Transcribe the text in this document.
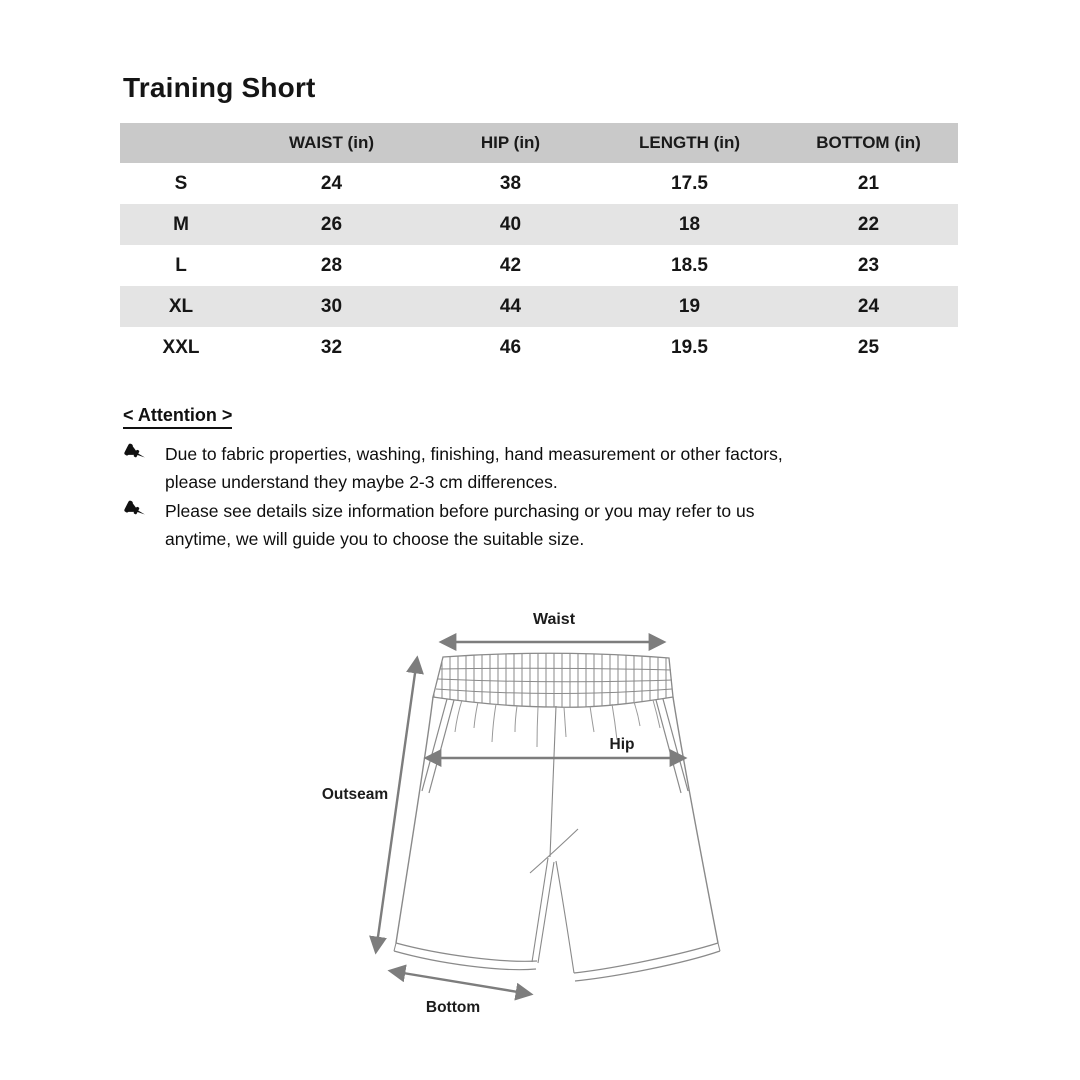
Training Short
	WAIST (in)	HIP (in)	LENGTH (in)	BOTTOM (in)
S	24	38	17.5	21
M	26	40	18	22
L	28	42	18.5	23
XL	30	44	19	24
XXL	32	46	19.5	25
< Attention >
Due to fabric properties, washing, finishing, hand measurement or other factors,
please understand they maybe 2-3 cm differences.
Please see details size information before purchasing or you may refer to us
anytime, we will guide you to choose the suitable size.
Waist
Hip
Outseam
Bottom
